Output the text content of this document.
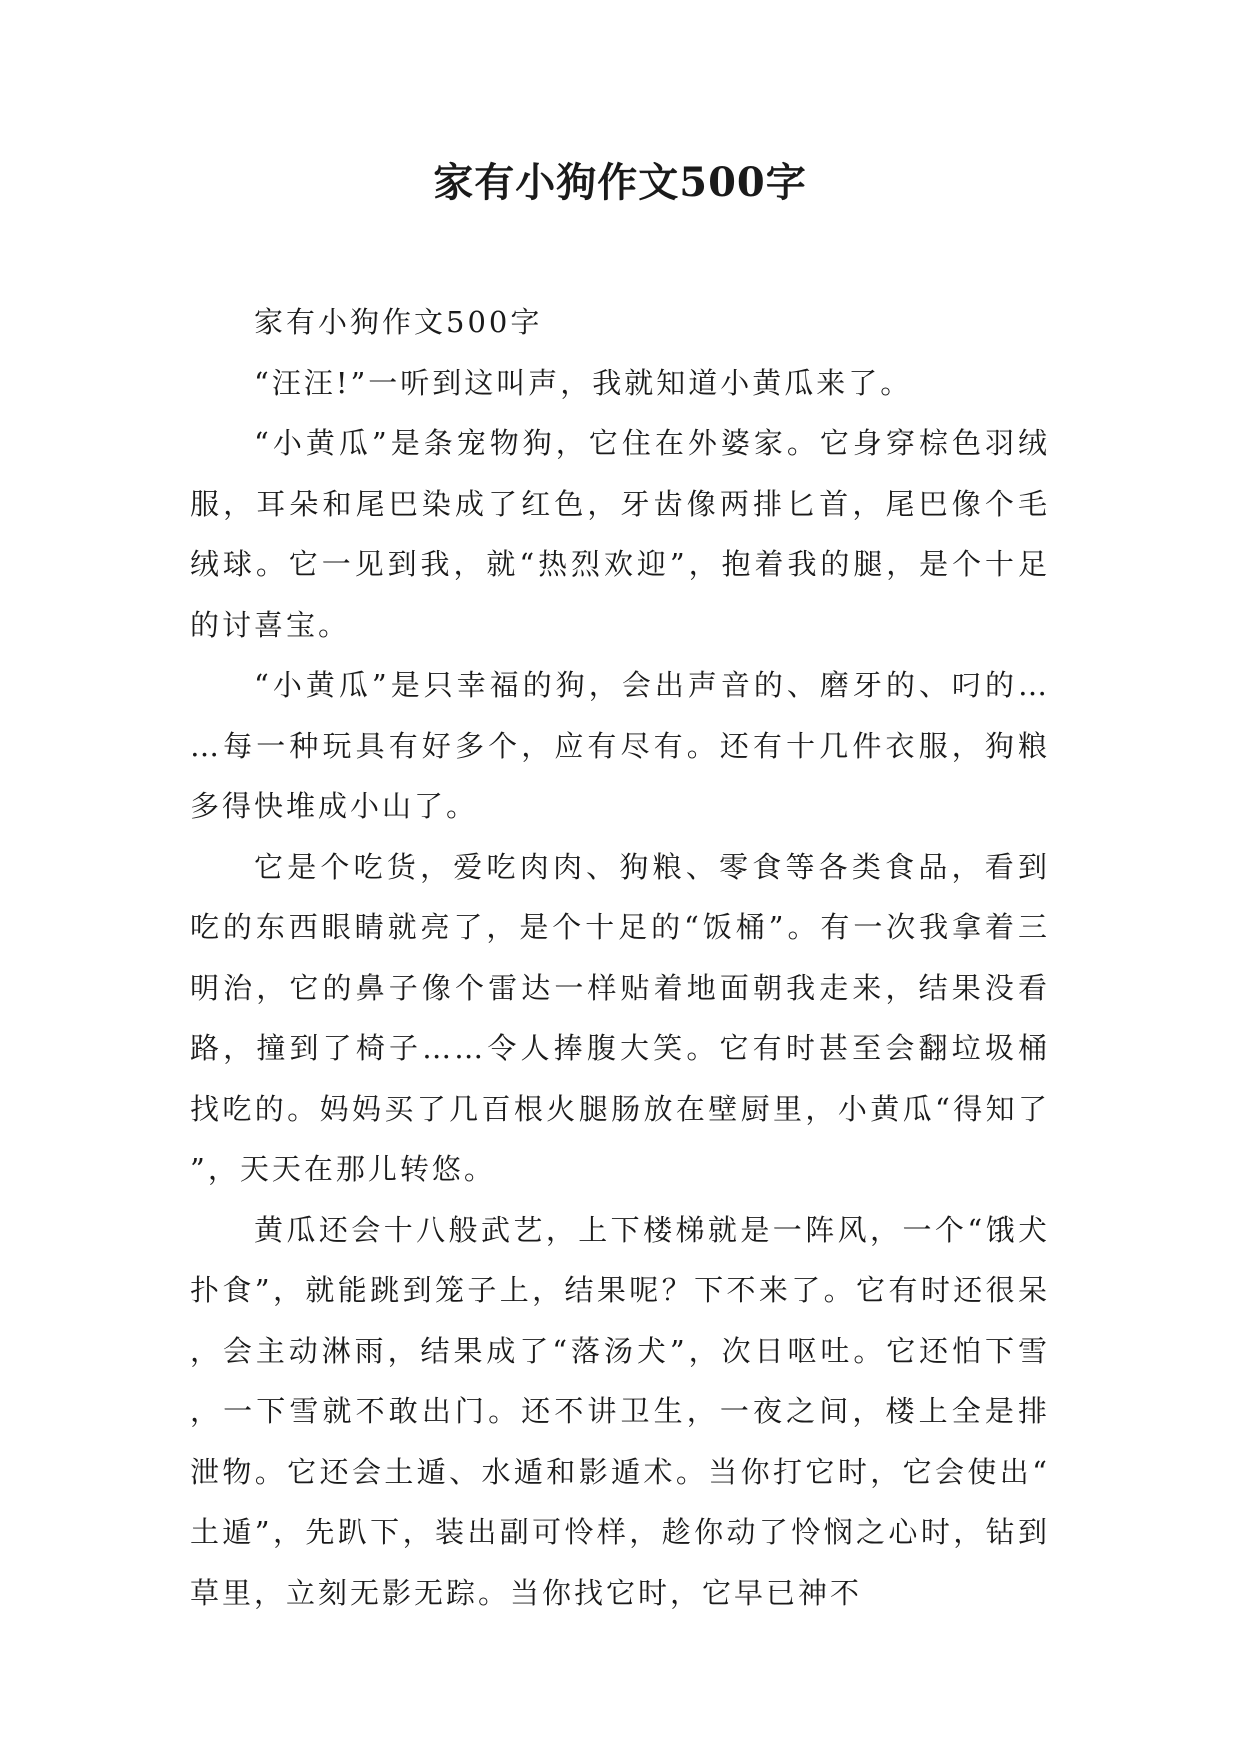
家有小狗作文500字

家有小狗作文500字

“汪汪!”一听到这叫声，我就知道小黄瓜来了。

“小黄瓜”是条宠物狗，它住在外婆家。它身穿棕色羽绒服，耳朵和尾巴染成了红色，牙齿像两排匕首，尾巴像个毛绒球。它一见到我，就“热烈欢迎”，抱着我的腿，是个十足的讨喜宝。

“小黄瓜”是只幸福的狗，会出声音的、磨牙的、叼的……每一种玩具有好多个，应有尽有。还有十几件衣服，狗粮多得快堆成小山了。

它是个吃货，爱吃肉肉、狗粮、零食等各类食品，看到吃的东西眼睛就亮了，是个十足的“饭桶”。有一次我拿着三明治，它的鼻子像个雷达一样贴着地面朝我走来，结果没看路，撞到了椅子……令人捧腹大笑。它有时甚至会翻垃圾桶找吃的。妈妈买了几百根火腿肠放在壁厨里，小黄瓜“得知了”，天天在那儿转悠。

黄瓜还会十八般武艺，上下楼梯就是一阵风，一个“饿犬扑食”，就能跳到笼子上，结果呢？下不来了。它有时还很呆，会主动淋雨，结果成了“落汤犬”，次日呕吐。它还怕下雪，一下雪就不敢出门。还不讲卫生，一夜之间，楼上全是排泄物。它还会土遁、水遁和影遁术。当你打它时，它会使出“土遁”，先趴下，装出副可怜样，趁你动了怜悯之心时，钻到草里，立刻无影无踪。当你找它时，它早已神不
